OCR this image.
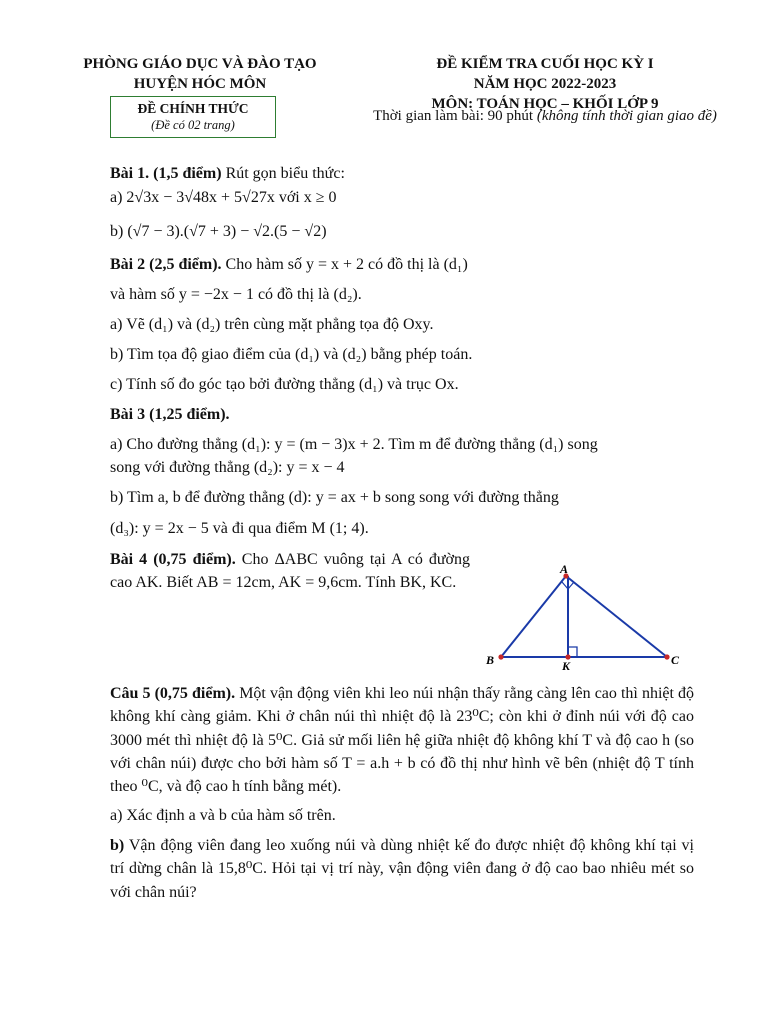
PHÒNG GIÁO DỤC VÀ ĐÀO TẠO
HUYỆN HÓC MÔN
ĐỀ CHÍNH THỨC
(Đề có 02 trang)
ĐỀ KIỂM TRA CUỐI HỌC KỲ I
NĂM HỌC 2022-2023
MÔN: TOÁN HỌC – KHỐI LỚP 9
Thời gian làm bài: 90 phút (không tính thời gian giao đề)
Bài 1. (1,5 điểm) Rút gọn biểu thức:
a) 2√3x − 3√48x + 5√27x với x ≥ 0
b) (√7 − 3).(√7 + 3) − √2.(5 − √2)
Bài 2 (2,5 điểm). Cho hàm số y = x + 2 có đồ thị là (d₁)
và hàm số y = −2x − 1 có đồ thị là (d₂).
a) Vẽ (d₁) và (d₂) trên cùng mặt phẳng tọa độ Oxy.
b) Tìm tọa độ giao điểm của (d₁) và (d₂) bằng phép toán.
c) Tính số đo góc tạo bởi đường thẳng (d₁) và trục Ox.
Bài 3 (1,25 điểm).
a) Cho đường thẳng (d₁): y = (m − 3)x + 2. Tìm m để đường thẳng (d₁) song
song với đường thẳng (d₂): y = x − 4
b) Tìm a, b để đường thẳng (d): y = ax + b song song với đường thẳng
(d₃): y = 2x − 5 và đi qua điểm M (1; 4).
Bài 4 (0,75 điểm). Cho ΔABC vuông tại A có đường cao AK. Biết AB = 12cm, AK = 9,6cm. Tính BK, KC.
A
B	C
K
Câu 5 (0,75 điểm). Một vận động viên khi leo núi nhận thấy rằng càng lên cao thì nhiệt độ không khí càng giảm. Khi ở chân núi thì nhiệt độ là 23⁰C; còn khi ở đỉnh núi với độ cao 3000 mét thì nhiệt độ là 5⁰C. Giả sử mối liên hệ giữa nhiệt độ không khí T và độ cao h (so với chân núi) được cho bởi hàm số T = a.h + b có đồ thị như hình vẽ bên (nhiệt độ T tính theo ⁰C, và độ cao h tính bằng mét).
a) Xác định a và b của hàm số trên.
b) Vận động viên đang leo xuống núi và dùng nhiệt kế đo được nhiệt độ không khí tại vị trí dừng chân là 15,8⁰C. Hỏi tại vị trí này, vận động viên đang ở độ cao bao nhiêu mét so với chân núi?
